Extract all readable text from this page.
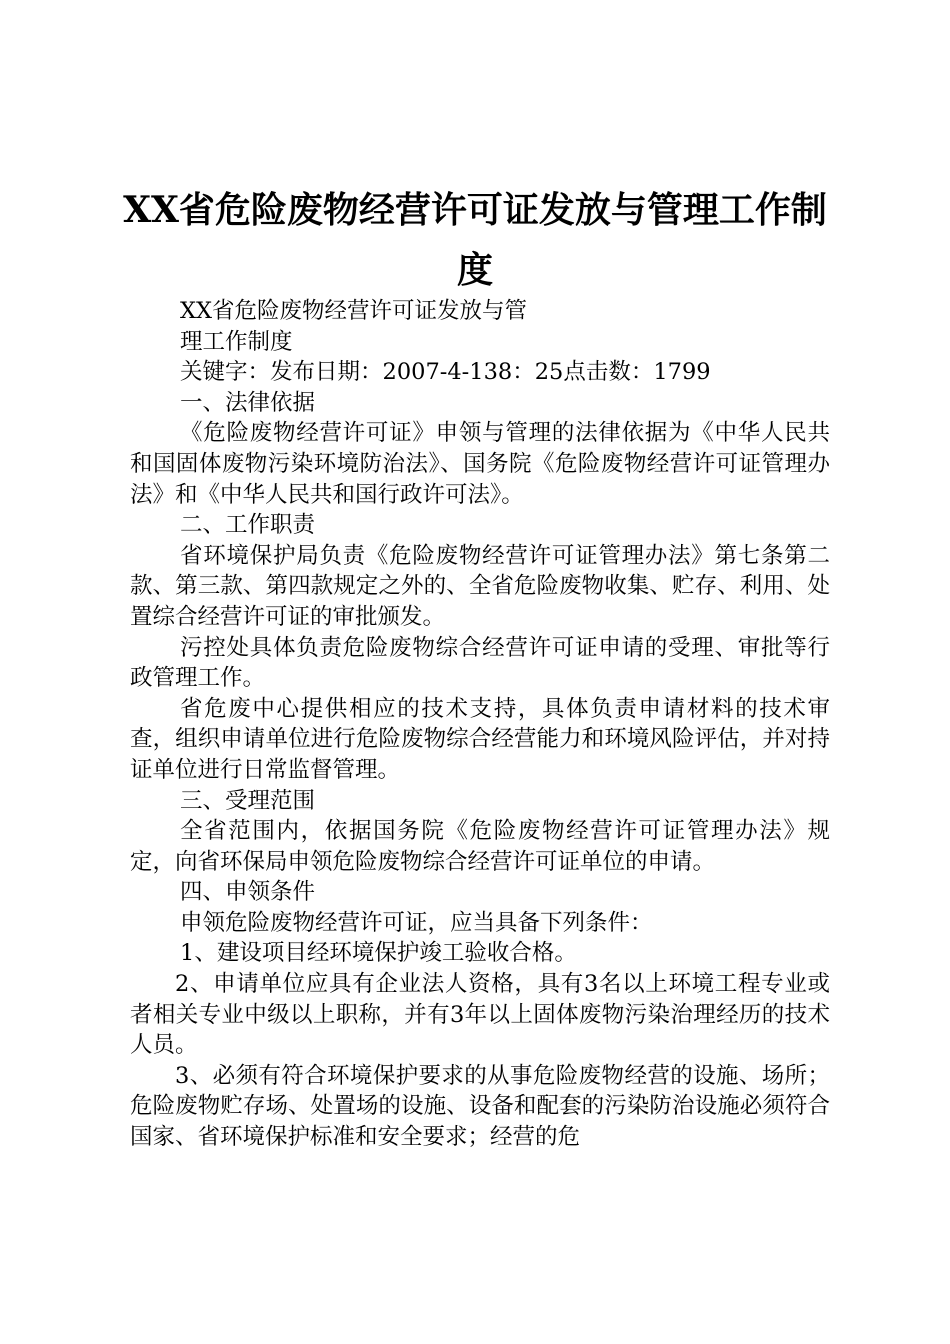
XX省危险废物经营许可证发放与管理工作制
度

XX省危险废物经营许可证发放与管

理工作制度

关键字：发布日期：2007-4-138：25点击数：1799

一、法律依据

《危险废物经营许可证》申领与管理的法律依据为《中华人民共和国固体废物污染环境防治法》、国务院《危险废物经营许可证管理办法》和《中华人民共和国行政许可法》。

二、工作职责

省环境保护局负责《危险废物经营许可证管理办法》第七条第二款、第三款、第四款规定之外的、全省危险废物收集、贮存、利用、处置综合经营许可证的审批颁发。

污控处具体负责危险废物综合经营许可证申请的受理、审批等行政管理工作。

省危废中心提供相应的技术支持，具体负责申请材料的技术审查，组织申请单位进行危险废物综合经营能力和环境风险评估，并对持证单位进行日常监督管理。

三、受理范围

全省范围内，依据国务院《危险废物经营许可证管理办法》规定，向省环保局申领危险废物综合经营许可证单位的申请。

四、申领条件

申领危险废物经营许可证，应当具备下列条件：

1、建设项目经环境保护竣工验收合格。

2、申请单位应具有企业法人资格，具有3名以上环境工程专业或者相关专业中级以上职称，并有3年以上固体废物污染治理经历的技术人员。

3、必须有符合环境保护要求的从事危险废物经营的设施、场所；危险废物贮存场、处置场的设施、设备和配套的污染防治设施必须符合国家、省环境保护标准和安全要求；经营的危
